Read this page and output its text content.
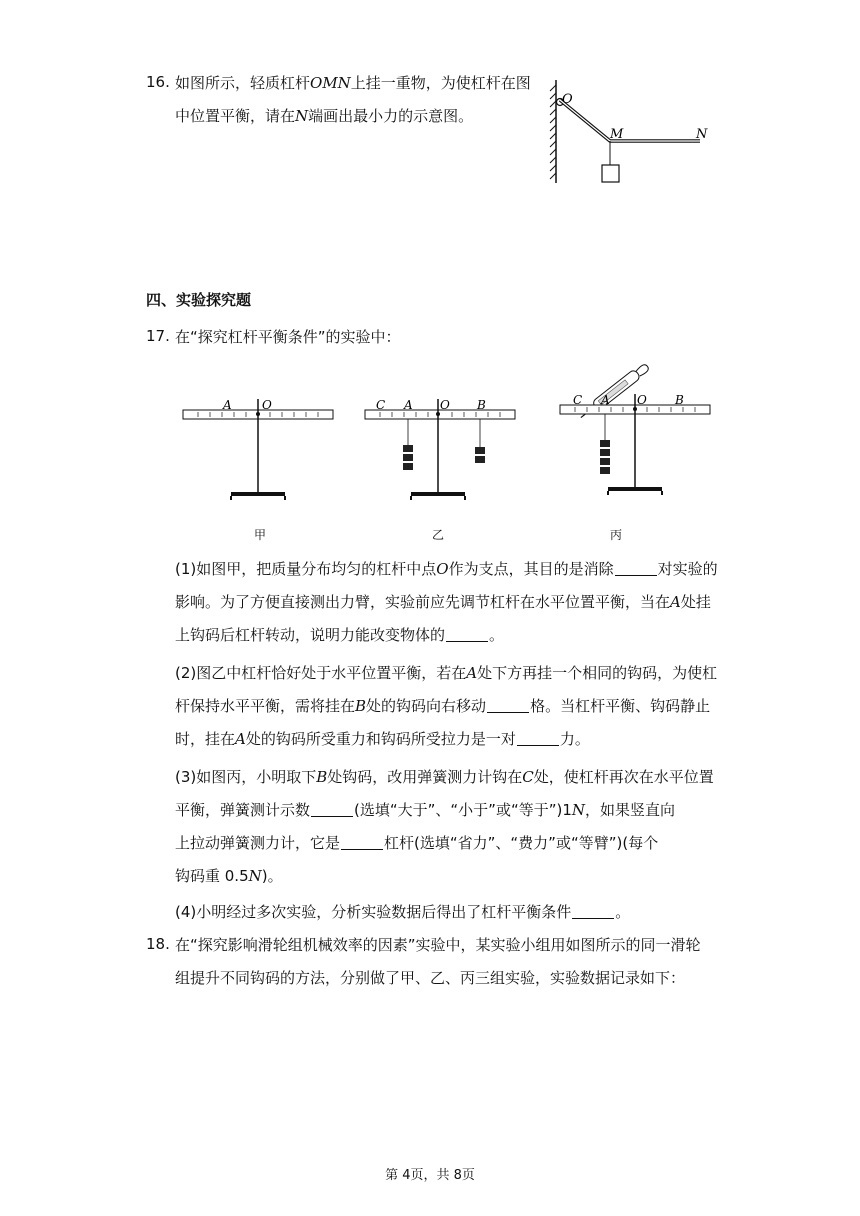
16. 如图所示，轻质杠杆OMN上挂一重物，为使杠杆在图
中位置平衡，请在N端画出最小力的示意图。
O
M	N
四、实验探究题
17. 在“探究杠杆平衡条件”的实验中：
A	O
甲
C A O B
乙
C A O B
丙
(1)如图甲，把质量分布均匀的杠杆中点O作为支点，其目的是消除	对实验的
影响。为了方便直接测出力臂，实验前应先调节杠杆在水平位置平衡，当在A处挂
上钩码后杠杆转动，说明力能改变物体的	。
(2)图乙中杠杆恰好处于水平位置平衡，若在A处下方再挂一个相同的钩码，为使杠
杆保持水平平衡，需将挂在B处的钩码向右移动	格。当杠杆平衡、钩码静止
时，挂在A处的钩码所受重力和钩码所受拉力是一对	力。
(3)如图丙，小明取下B处钩码，改用弹簧测力计钩在C处，使杠杆再次在水平位置
平衡，弹簧测计示数	(选填“大于”、“小于”或“等于”)1N，如果竖直向
上拉动弹簧测力计，它是	杠杆(选填“省力”、“费力”或“等臂”)(每个
钩码重 0.5N)。
(4)小明经过多次实验，分析实验数据后得出了杠杆平衡条件	。
18. 在“探究影响滑轮组机械效率的因素”实验中，某实验小组用如图所示的同一滑轮
组提升不同钩码的方法，分别做了甲、乙、丙三组实验，实验数据记录如下：
第 4页，共 8页
